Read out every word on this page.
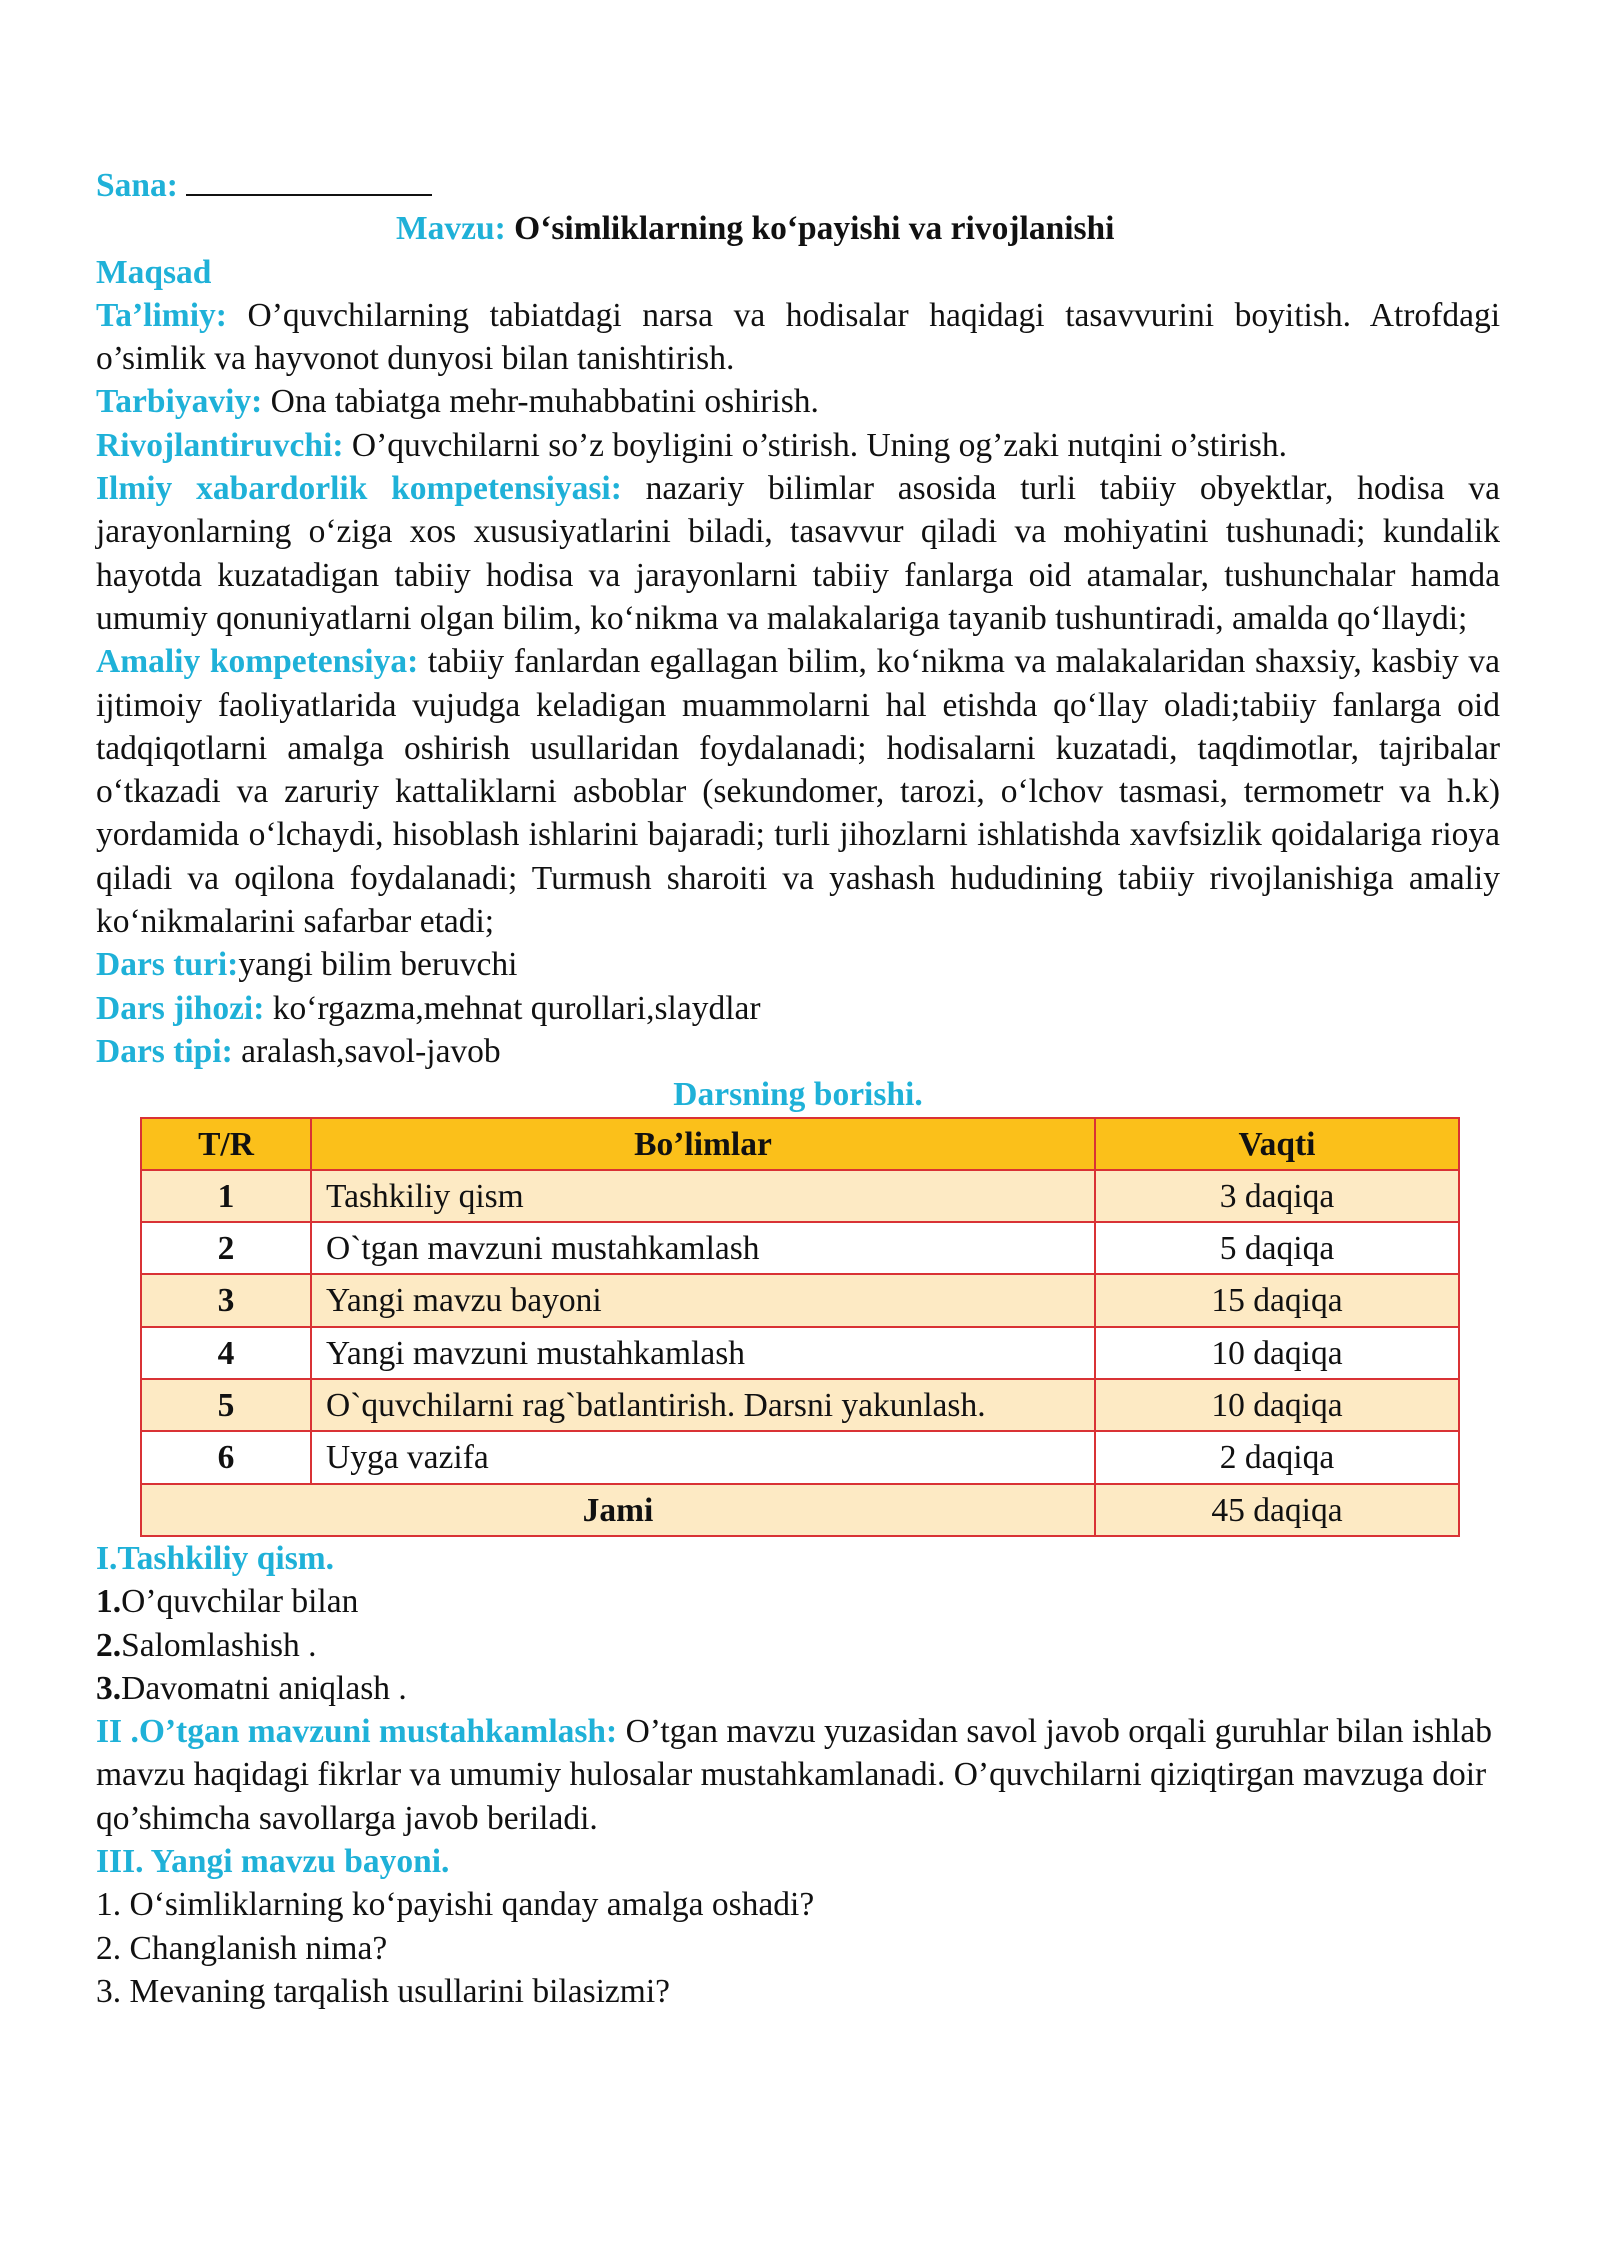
Sana:

Mavzu: O‘simliklarning ko‘payishi va rivojlanishi

Maqsad

Ta’limiy: O’quvchilarning tabiatdagi narsa va hodisalar haqidagi tasavvurini boyitish. Atrofdagi o’simlik va hayvonot dunyosi bilan tanishtirish.

Tarbiyaviy: Ona tabiatga mehr-muhabbatini oshirish.

Rivojlantiruvchi: O’quvchilarni so’z boyligini o’stirish. Uning og’zaki nutqini o’stirish.

Ilmiy xabardorlik kompetensiyasi: nazariy bilimlar asosida turli tabiiy obyektlar, hodisa va jarayonlarning o‘ziga xos xususiyatlarini biladi, tasavvur qiladi va mohiyatini tushunadi; kundalik hayotda kuzatadigan tabiiy hodisa va jarayonlarni tabiiy fanlarga oid atamalar, tushunchalar hamda umumiy qonuniyatlarni olgan bilim, ko‘nikma va malakalariga tayanib tushuntiradi, amalda qo‘llaydi;

Amaliy kompetensiya: tabiiy fanlardan egallagan bilim, ko‘nikma va malakalaridan shaxsiy, kasbiy va ijtimoiy faoliyatlarida vujudga keladigan muammolarni hal etishda qo‘llay oladi;tabiiy fanlarga oid tadqiqotlarni amalga oshirish usullaridan foydalanadi; hodisalarni kuzatadi, taqdimotlar, tajribalar o‘tkazadi va zaruriy kattaliklarni asboblar (sekundomer, tarozi, o‘lchov tasmasi, termometr va h.k) yordamida o‘lchaydi, hisoblash ishlarini bajaradi; turli jihozlarni ishlatishda xavfsizlik qoidalariga rioya qiladi va oqilona foydalanadi; Turmush sharoiti va yashash hududining tabiiy rivojlanishiga amaliy ko‘nikmalarini safarbar etadi;

Dars turi:yangi bilim beruvchi

Dars jihozi: ko‘rgazma,mehnat qurollari,slaydlar

Dars tipi: aralash,savol-javob

Darsning borishi.

T/R	Bo’limlar	Vaqti
1	Tashkiliy qism	3 daqiqa
2	O`tgan mavzuni mustahkamlash	5 daqiqa
3	Yangi mavzu bayoni	15 daqiqa
4	Yangi mavzuni mustahkamlash	10 daqiqa
5	O`quvchilarni rag`batlantirish. Darsni yakunlash.	10 daqiqa
6	Uyga vazifa	2 daqiqa
Jami		45 daqiqa

I.Tashkiliy qism.

1.O’quvchilar bilan

2.Salomlashish .

3.Davomatni aniqlash .

II .O’tgan mavzuni mustahkamlash: O’tgan mavzu yuzasidan savol javob orqali guruhlar bilan ishlab mavzu haqidagi fikrlar va umumiy hulosalar mustahkamlanadi. O’quvchilarni qiziqtirgan mavzuga doir qo’shimcha savollarga javob beriladi.

III. Yangi mavzu bayoni.

1. O‘simliklarning ko‘payishi qanday amalga oshadi?

2. Changlanish nima?

3. Mevaning tarqalish usullarini bilasizmi?
